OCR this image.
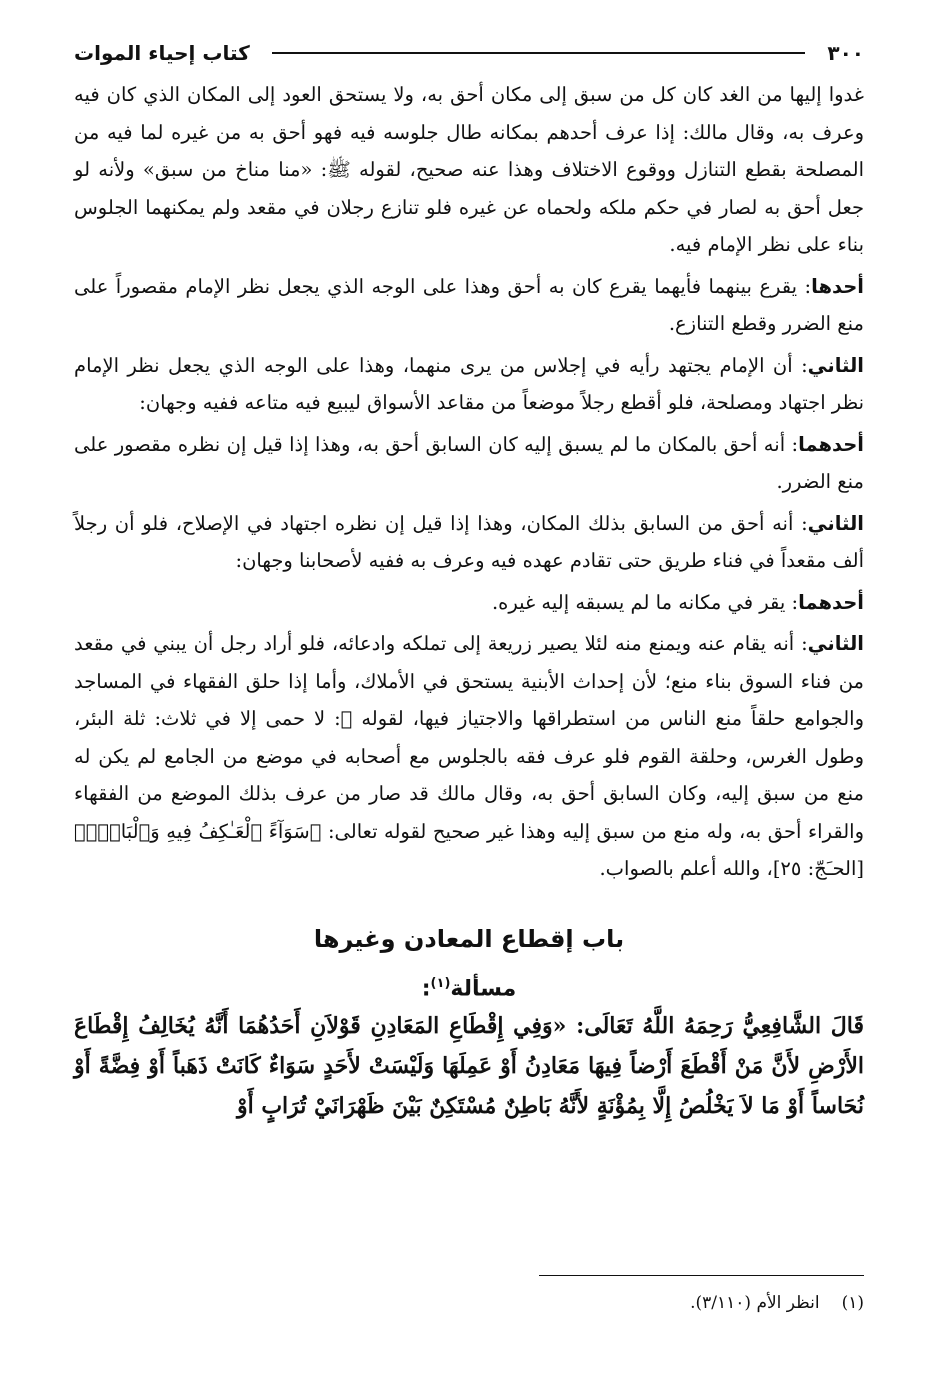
٣٠٠
كتاب إحياء الموات

غدوا إليها من الغد كان كل من سبق إلى مكان أحق به، ولا يستحق العود إلى المكان الذي كان فيه وعرف به، وقال مالك: إذا عرف أحدهم بمكانه طال جلوسه فيه فهو أحق به من غيره لما فيه من المصلحة بقطع التنازل ووقوع الاختلاف وهذا عنه صحيح، لقوله ﷺ: «منا مناخ من سبق» ولأنه لو جعل أحق به لصار في حكم ملكه ولحماه عن غيره فلو تنازع رجلان في مقعد ولم يمكنهما الجلوس بناء على نظر الإمام فيه.

أحدها: يقرع بينهما فأيهما يقرع كان به أحق وهذا على الوجه الذي يجعل نظر الإمام مقصوراً على منع الضرر وقطع التنازع.

الثاني: أن الإمام يجتهد رأيه في إجلاس من يرى منهما، وهذا على الوجه الذي يجعل نظر الإمام نظر اجتهاد ومصلحة، فلو أقطع رجلاً موضعاً من مقاعد الأسواق ليبيع فيه متاعه ففيه وجهان:

أحدهما: أنه أحق بالمكان ما لم يسبق إليه كان السابق أحق به، وهذا إذا قيل إن نظره مقصور على منع الضرر.

الثاني: أنه أحق من السابق بذلك المكان، وهذا إذا قيل إن نظره اجتهاد في الإصلاح، فلو أن رجلاً ألف مقعداً في فناء طريق حتى تقادم عهده فيه وعرف به ففيه لأصحابنا وجهان:

أحدهما: يقر في مكانه ما لم يسبقه إليه غيره.

الثاني: أنه يقام عنه ويمنع منه لئلا يصير زريعة إلى تملكه وادعائه، فلو أراد رجل أن يبني في مقعد من فناء السوق بناء منع؛ لأن إحداث الأبنية يستحق في الأملاك، وأما إذا حلق الفقهاء في المساجد والجوامع حلقاً منع الناس من استطراقها والاجتياز فيها، لقوله ﷺ: لا حمى إلا في ثلاث: ثلة البئر، وطول الغرس، وحلقة القوم فلو عرف فقه بالجلوس مع أصحابه في موضع من الجامع لم يكن له منع من سبق إليه، وكان السابق أحق به، وقال مالك قد صار من عرف بذلك الموضع من الفقهاء والقراء أحق به، وله منع من سبق إليه وهذا غير صحيح لقوله تعالى: ﴿سَوَآءً ٱلْعَـٰكِفُ فِيهِ وَٱلْبَادِۚ﴾ [الحـَجّ: ٢٥]، والله أعلم بالصواب.

باب إقطاع المعادن وغيرها
مسألة$^{(١)}$:

قَالَ الشَّافِعِيُّ رَحِمَهُ اللَّهُ تَعَالَى: «وَفِي إِقْطَاعِ المَعَادِنِ قَوْلاَنِ أَحَدُهُمَا أَنَّهُ يُخَالِفُ إِقْطَاعَ الأَرْضِ لأَنَّ مَنْ أَقْطَعَ أَرْضاً فِيهَا مَعَادِنُ أَوْ عَمِلَهَا وَلَيْسَتْ لأَحَدٍ سَوَاءٌ كَانَتْ ذَهَباً أَوْ فِضَّةً أَوْ نُحَاساً أَوْ مَا لاَ يَخْلُصُ إِلَّا بِمُؤْنَةٍ لأَنَّهُ بَاطِنٌ مُسْتَكِنٌ بَيْنَ ظَهْرَانَيْ تُرَابٍ أَوْ

(١)انظر الأم (٣/١١٠).
